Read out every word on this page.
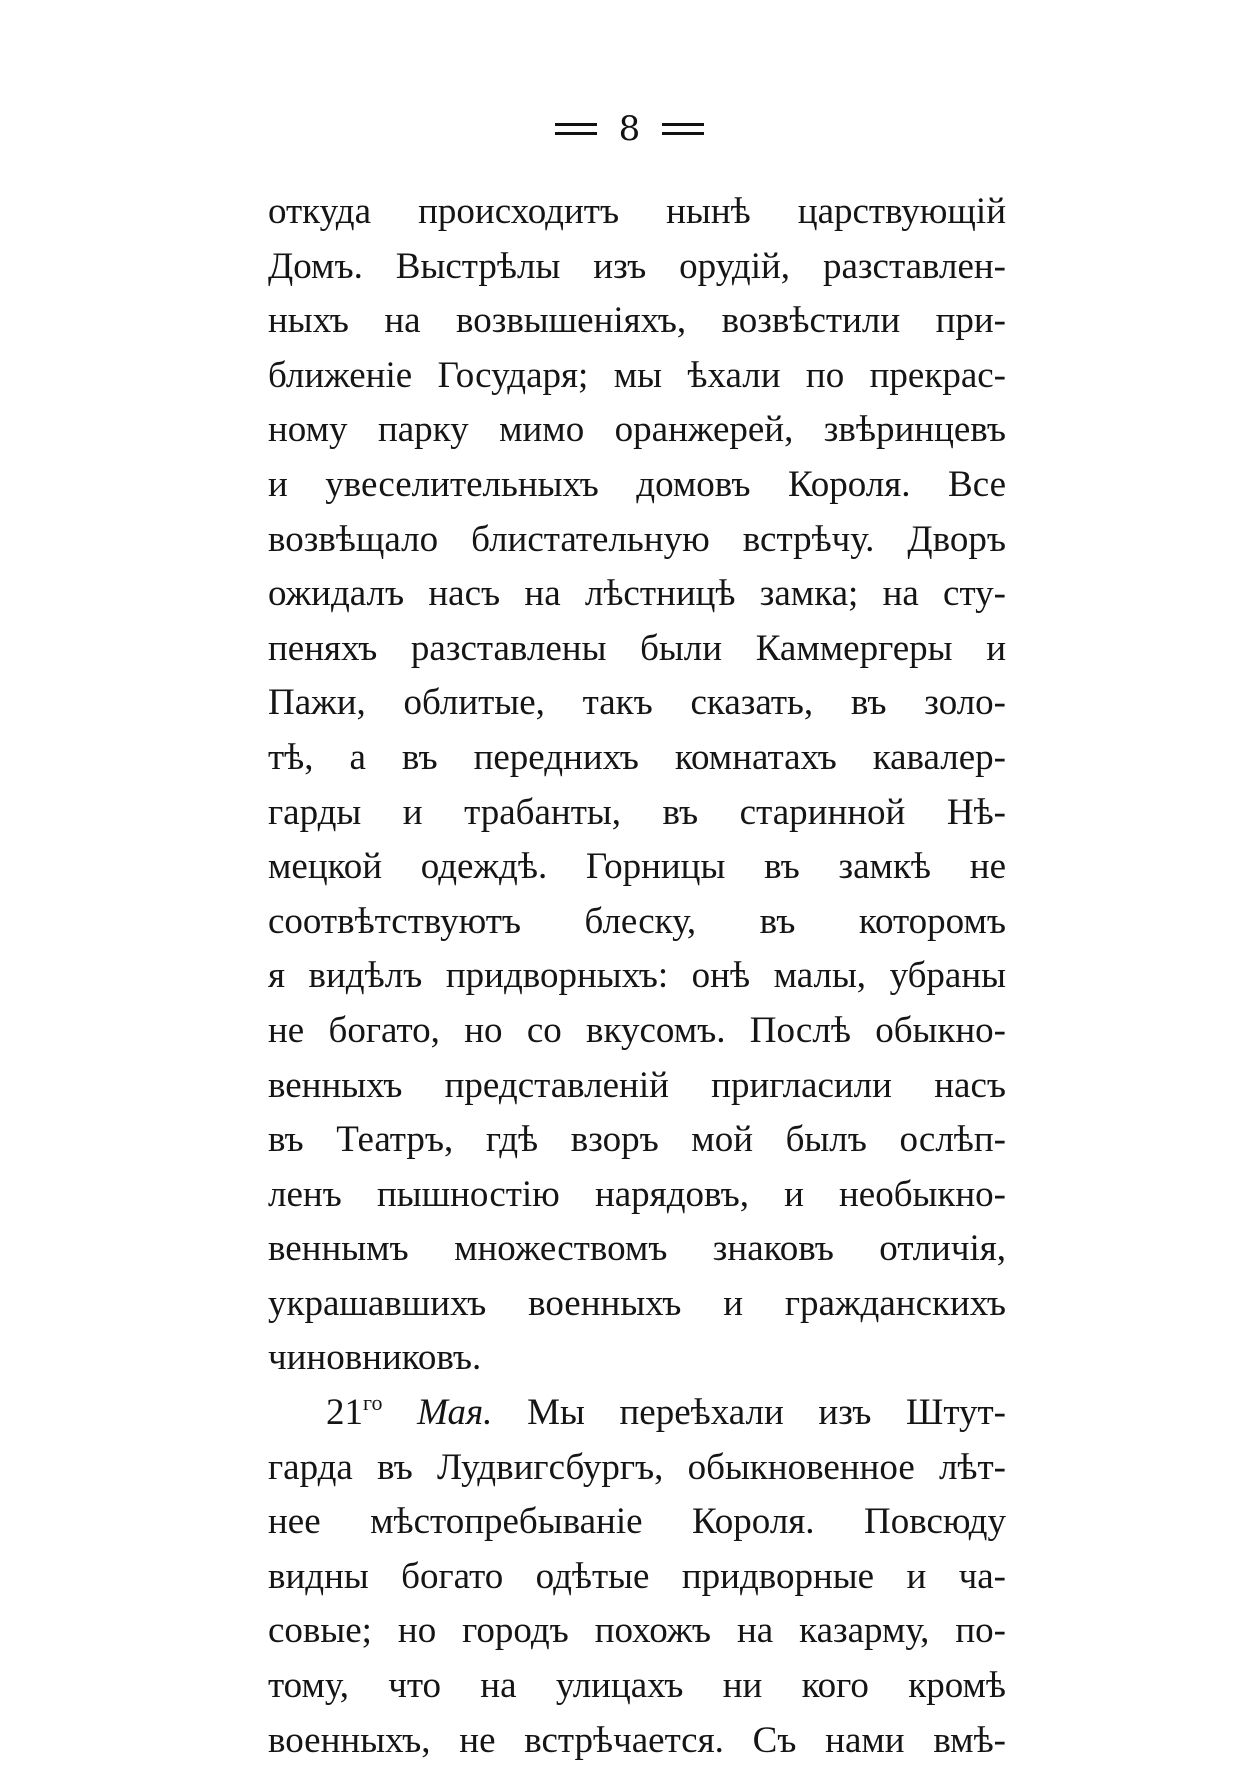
8
откуда происходитъ нынѣ царствующій
Домъ. Выстрѣлы изъ орудій, разставлен-
ныхъ на возвышеніяхъ, возвѣстили при-
ближеніе Государя; мы ѣхали по прекрас-
ному парку мимо оранжерей, звѣринцевъ
и увеселительныхъ домовъ Короля. Все
возвѣщало блистательную встрѣчу. Дворъ
ожидалъ насъ на лѣстницѣ замка; на сту-
пеняхъ разставлены были Каммергеры и
Пажи, облитые, такъ сказать, въ золо-
тѣ, а въ переднихъ комнатахъ кавалер-
гарды и трабанты, въ старинной Нѣ-
мецкой одеждѣ. Горницы въ замкѣ не
соотвѣтствуютъ блеску, въ которомъ
я видѣлъ придворныхъ: онѣ малы, убраны
не богато, но со вкусомъ. Послѣ обыкно-
венныхъ представленій пригласили насъ
въ Театръ, гдѣ взоръ мой былъ ослѣп-
ленъ пышностію нарядовъ, и необыкно-
веннымъ множествомъ знаковъ отличія,
украшавшихъ военныхъ и гражданскихъ
чиновниковъ.
$21^{го}$ Мая. Мы переѣхали изъ Штут-
гарда въ Лудвигсбургъ, обыкновенное лѣт-
нее мѣстопребываніе Короля. Повсюду
видны богато одѣтые придворные и ча-
совые; но городъ похожъ на казарму, по-
тому, что на улицахъ ни кого кромѣ
военныхъ, не встрѣчается. Съ нами вмѣ-
